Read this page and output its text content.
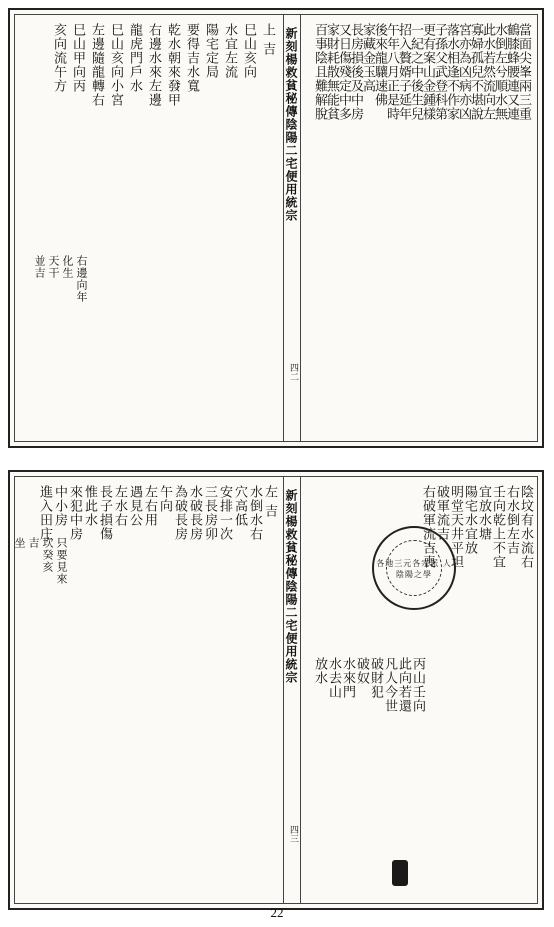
上 吉
巳山亥向
水宜左流
陽宅定局
要得吉水寬
乾水朝來發甲
右邊水來左邊
龍虎門戶水
巳山亥向小宮
左邊隨龍轉右
巳山甲向丙
亥向流午方
右邊向年
化生
天干
並吉
新刻楊救貧秘傳陰陽二宅便用統宗
四二
當面尖峯兩三重
鶴膝蜂腰連又連
水倒左兮順水無
此水若然流向左
寡婦孤兒不堪說
宮亦為凶病亦凶
落水相逢不作家
子孫父武登科第
更有案山金鍾樣
一紀之中後生兒
招入贅婿子延年
午年八月正是時
後來龍驤速佛
家藏金玉高
長房損後及中房
又日傷殘定中多
家財耗散無能貧
百事陰且難解脫
左 吉
水倒水右
穴高低
安排一次
三長房卯
水破長房
為破長房
午向
左右用
遇見公
左水右
長子損傷
惟此水
來犯中房
中小房
進入田庄
只要見來
坎癸亥
吉
坐	新刻楊救貧秘傳陰陽二宅便用統宗
四三
陰坟有水流右
右水倒左吉
壬向乾上不宜
宜放水塘
陽宅水宜放
明堂天井平坦
破軍流吉
右破軍流吉喪
丙山壬向
此向若還
凡人今世
破財犯
破奴
水來門
水去山
放水
各地三元各宗派 人陰陽之學
22
